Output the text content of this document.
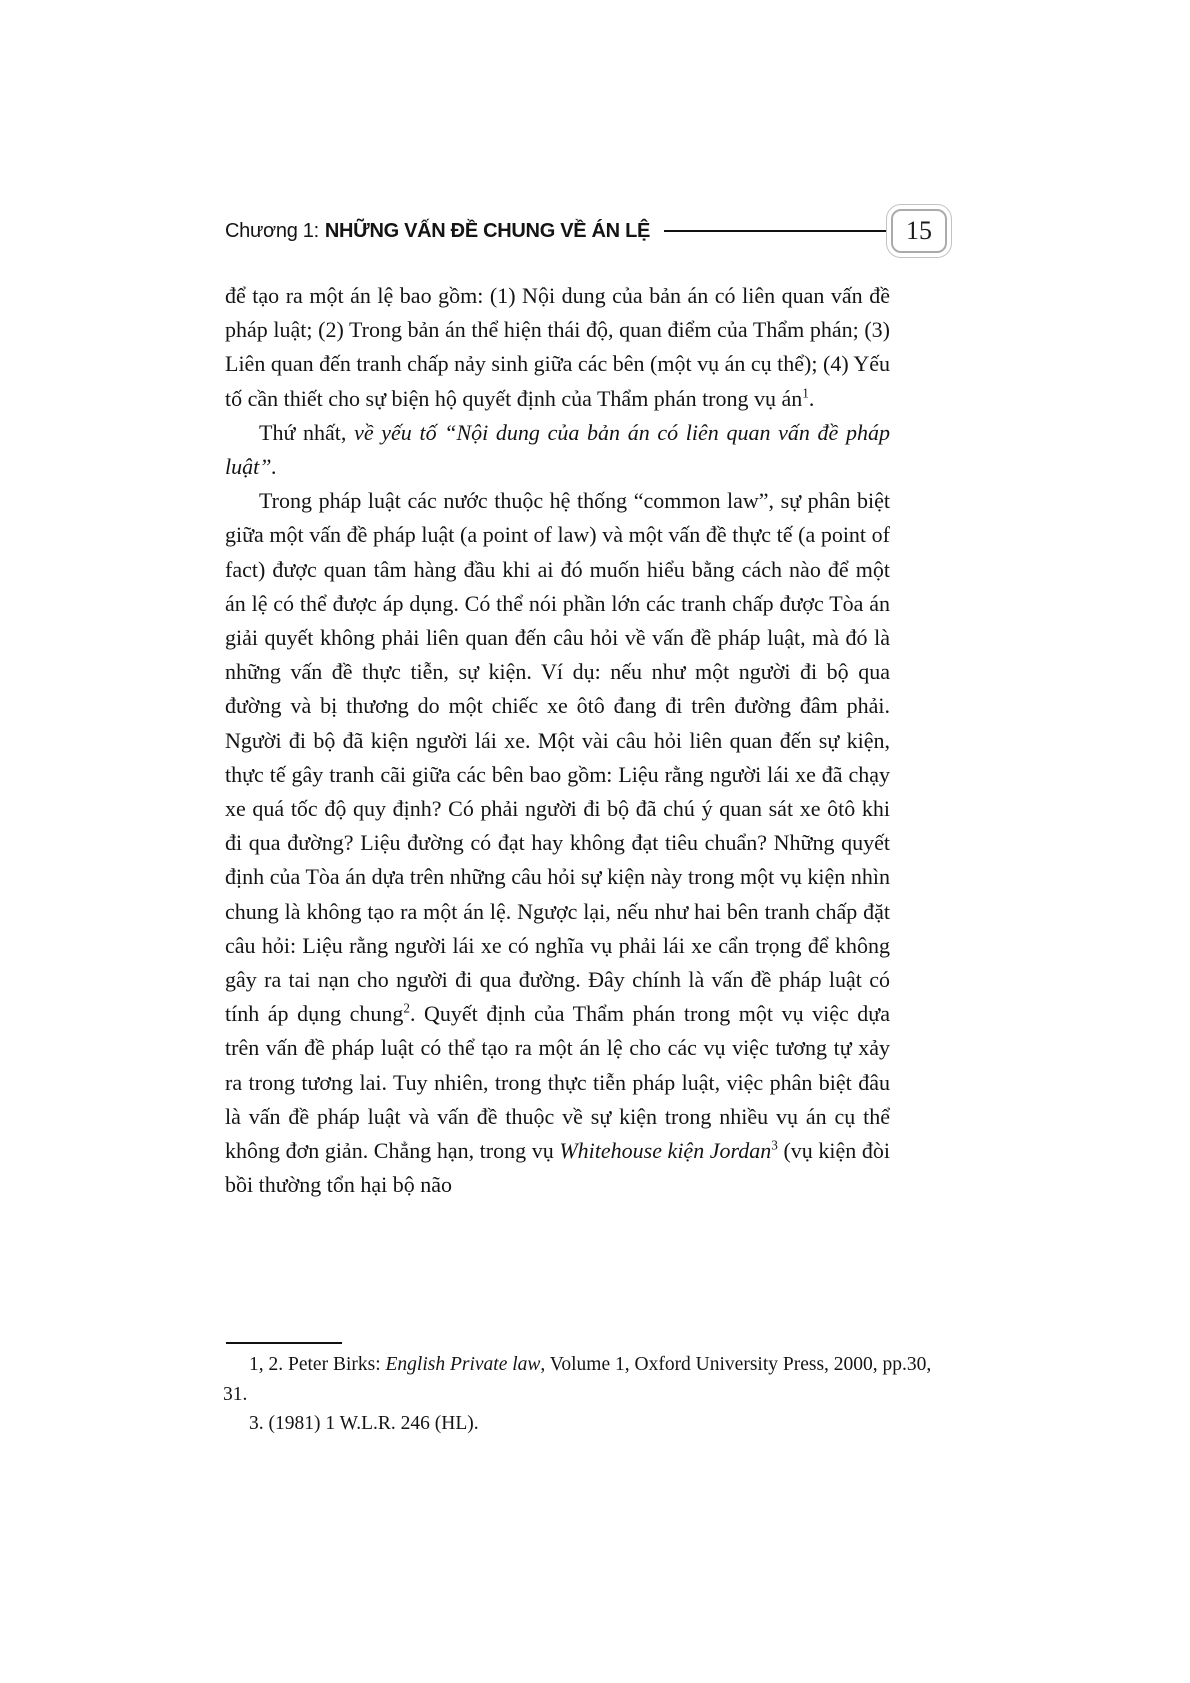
Chương 1: NHỮNG VẤN ĐỀ CHUNG VỀ ÁN LỆ	15

để tạo ra một án lệ bao gồm: (1) Nội dung của bản án có liên quan vấn đề pháp luật; (2) Trong bản án thể hiện thái độ, quan điểm của Thẩm phán; (3) Liên quan đến tranh chấp nảy sinh giữa các bên (một vụ án cụ thể); (4) Yếu tố cần thiết cho sự biện hộ quyết định của Thẩm phán trong vụ án$^1$.

Thứ nhất, về yếu tố “Nội dung của bản án có liên quan vấn đề pháp luật”.

Trong pháp luật các nước thuộc hệ thống “common law”, sự phân biệt giữa một vấn đề pháp luật (a point of law) và một vấn đề thực tế (a point of fact) được quan tâm hàng đầu khi ai đó muốn hiểu bằng cách nào để một án lệ có thể được áp dụng. Có thể nói phần lớn các tranh chấp được Tòa án giải quyết không phải liên quan đến câu hỏi về vấn đề pháp luật, mà đó là những vấn đề thực tiễn, sự kiện. Ví dụ: nếu như một người đi bộ qua đường và bị thương do một chiếc xe ôtô đang đi trên đường đâm phải. Người đi bộ đã kiện người lái xe. Một vài câu hỏi liên quan đến sự kiện, thực tế gây tranh cãi giữa các bên bao gồm: Liệu rằng người lái xe đã chạy xe quá tốc độ quy định? Có phải người đi bộ đã chú ý quan sát xe ôtô khi đi qua đường? Liệu đường có đạt hay không đạt tiêu chuẩn? Những quyết định của Tòa án dựa trên những câu hỏi sự kiện này trong một vụ kiện nhìn chung là không tạo ra một án lệ. Ngược lại, nếu như hai bên tranh chấp đặt câu hỏi: Liệu rằng người lái xe có nghĩa vụ phải lái xe cẩn trọng để không gây ra tai nạn cho người đi qua đường. Đây chính là vấn đề pháp luật có tính áp dụng chung$^2$. Quyết định của Thẩm phán trong một vụ việc dựa trên vấn đề pháp luật có thể tạo ra một án lệ cho các vụ việc tương tự xảy ra trong tương lai. Tuy nhiên, trong thực tiễn pháp luật, việc phân biệt đâu là vấn đề pháp luật và vấn đề thuộc về sự kiện trong nhiều vụ án cụ thể không đơn giản. Chẳng hạn, trong vụ Whitehouse kiện Jordan$^3$ (vụ kiện đòi bồi thường tổn hại bộ não

1, 2. Peter Birks: English Private law, Volume 1, Oxford University Press, 2000, pp.30, 31.

3. (1981) 1 W.L.R. 246 (HL).
